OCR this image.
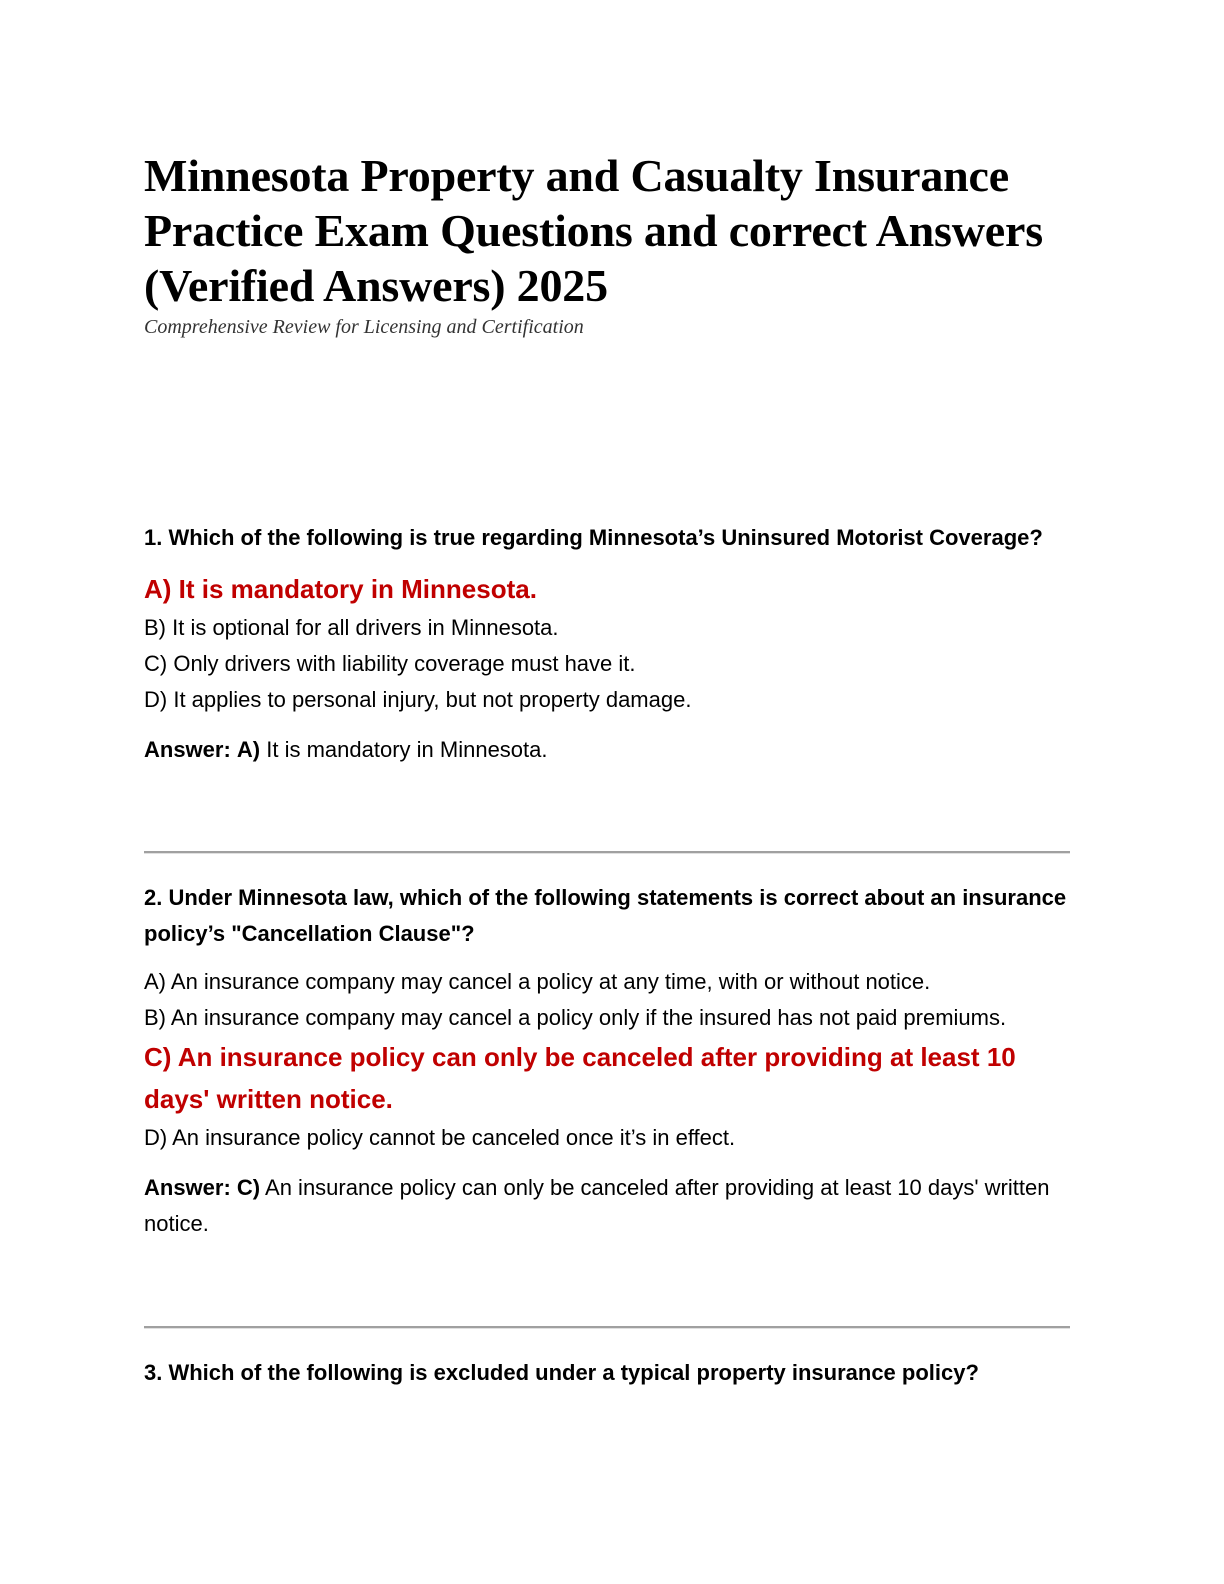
Minnesota Property and Casualty Insurance Practice Exam Questions and correct Answers (Verified Answers) 2025

Comprehensive Review for Licensing and Certification

1. Which of the following is true regarding Minnesota’s Uninsured Motorist Coverage?

A) It is mandatory in Minnesota.

B) It is optional for all drivers in Minnesota.

C) Only drivers with liability coverage must have it.

D) It applies to personal injury, but not property damage.

Answer: A) It is mandatory in Minnesota.

2. Under Minnesota law, which of the following statements is correct about an insurance policy’s "Cancellation Clause"?

A) An insurance company may cancel a policy at any time, with or without notice.

B) An insurance company may cancel a policy only if the insured has not paid premiums.

C) An insurance policy can only be canceled after providing at least 10 days' written notice.

D) An insurance policy cannot be canceled once it’s in effect.

Answer: C) An insurance policy can only be canceled after providing at least 10 days' written notice.

3. Which of the following is excluded under a typical property insurance policy?
